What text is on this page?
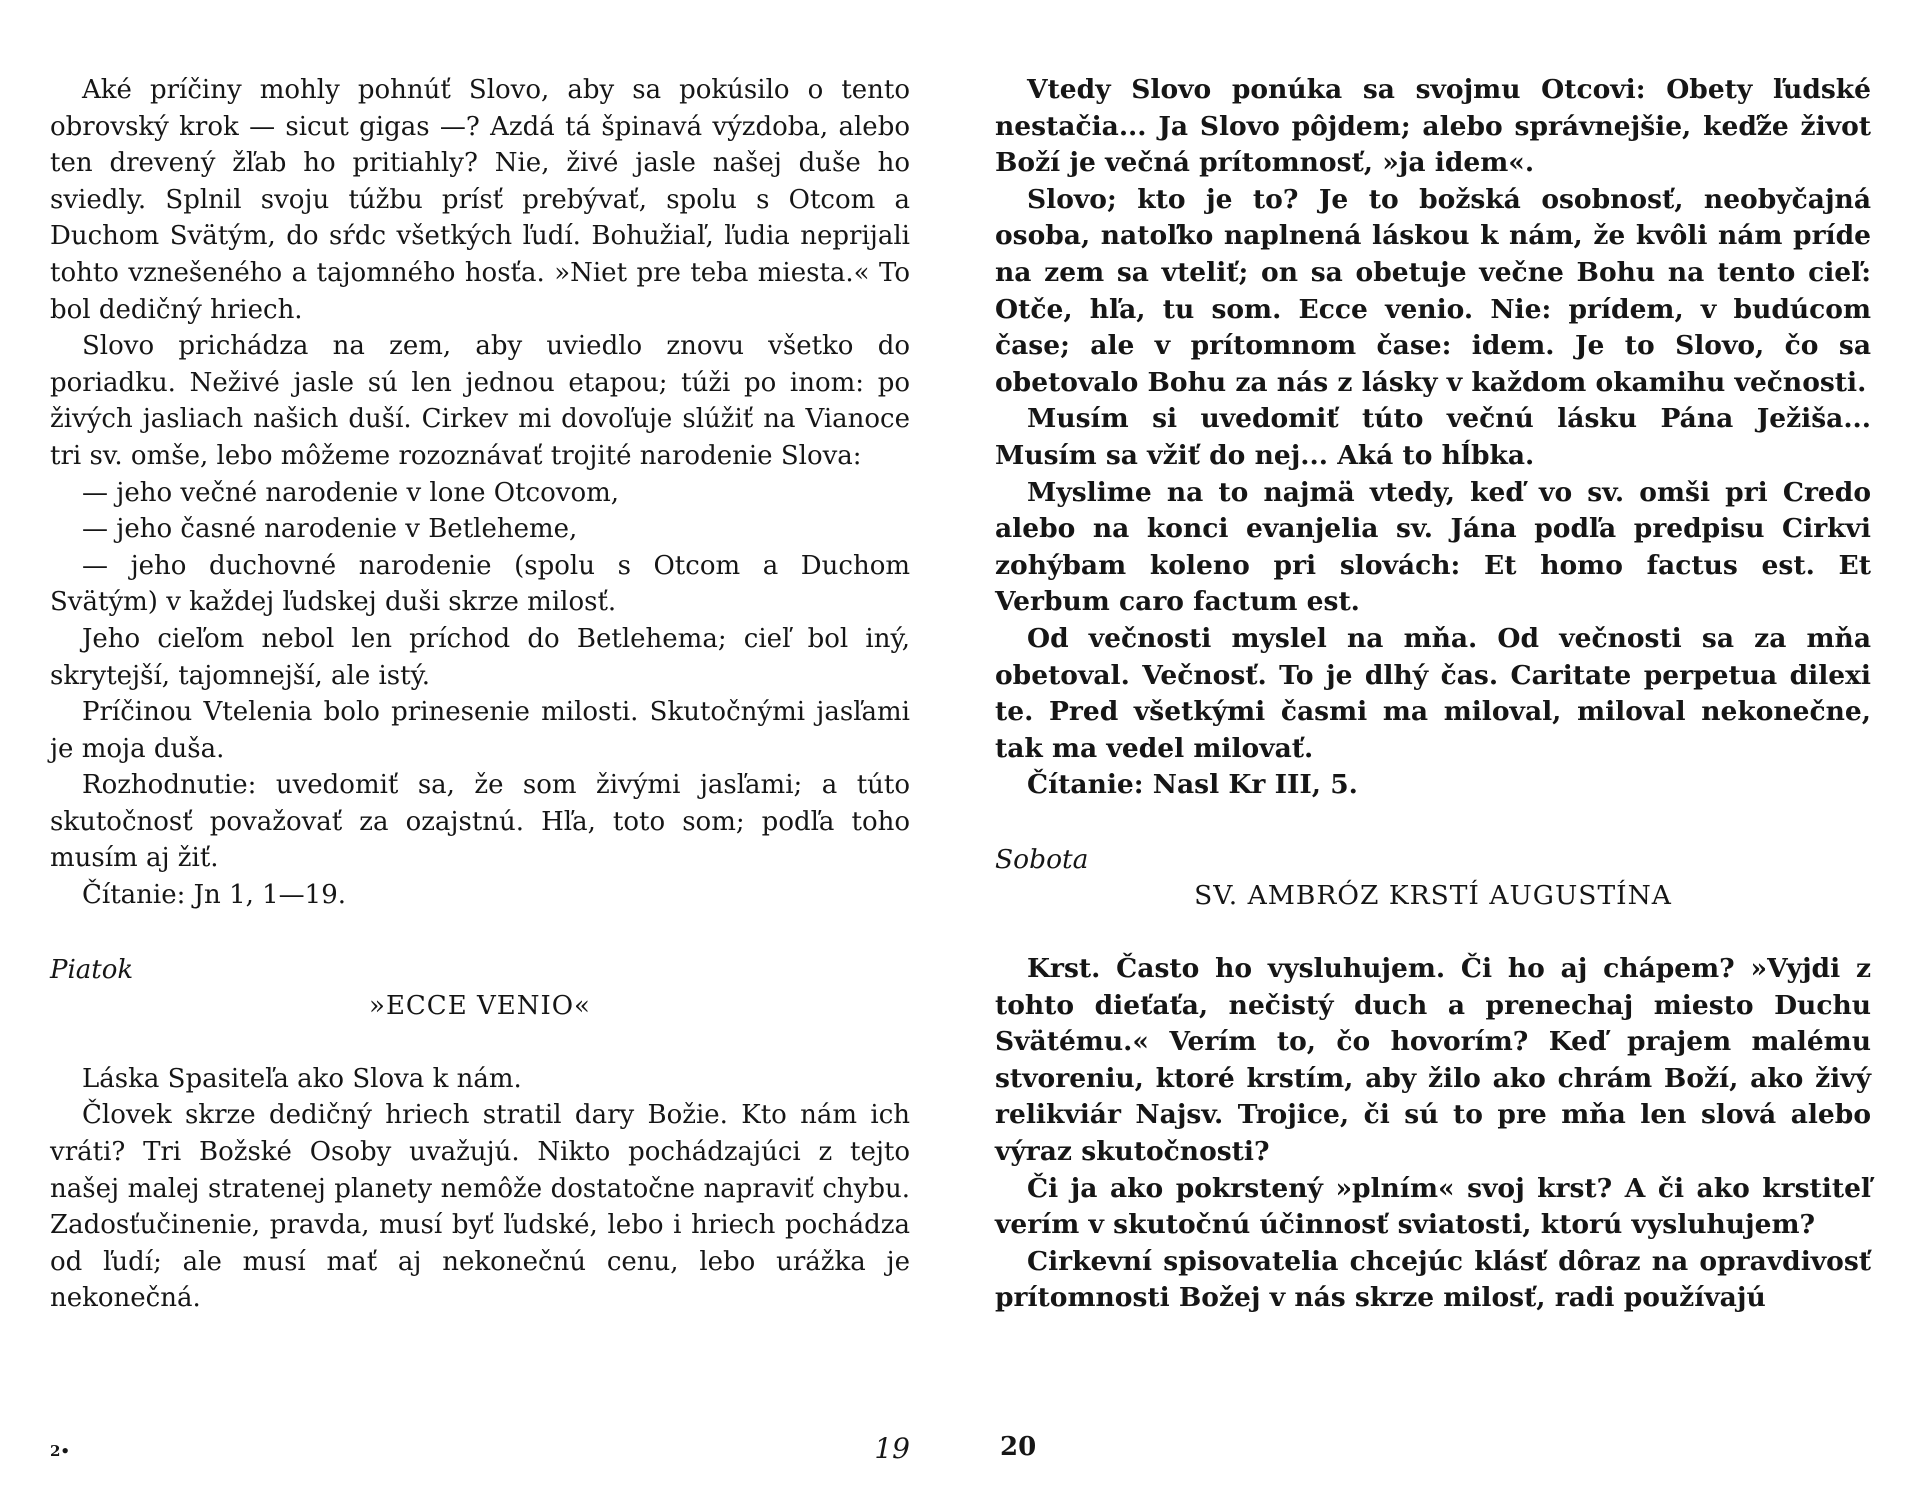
Aké príčiny mohly pohnúť Slovo, aby sa pokúsilo o tento obrovský krok — sicut gigas —? Azdá tá špinavá výzdoba, alebo ten drevený žľab ho pritiahly? Nie, živé jasle našej duše ho sviedly. Splnil svoju túžbu prísť prebývať, spolu s Otcom a Duchom Svätým, do sŕdc všetkých ľudí. Bohužiaľ, ľudia neprijali tohto vznešeného a tajomného hosťa. »Niet pre teba miesta.« To bol dedičný hriech.

Slovo prichádza na zem, aby uviedlo znovu všetko do poriadku. Neživé jasle sú len jednou etapou; túži po inom: po živých jasliach našich duší. Cirkev mi dovoľuje slúžiť na Vianoce tri sv. omše, lebo môžeme rozoznávať trojité narodenie Slova:

— jeho večné narodenie v lone Otcovom,

— jeho časné narodenie v Betleheme,

— jeho duchovné narodenie (spolu s Otcom a Duchom Svätým) v každej ľudskej duši skrze milosť.

Jeho cieľom nebol len príchod do Betlehema; cieľ bol iný, skrytejší, tajomnejší, ale istý.

Príčinou Vtelenia bolo prinesenie milosti. Skutočnými jasľami je moja duša.

Rozhodnutie: uvedomiť sa, že som živými jasľami; a túto skutočnosť považovať za ozajstnú. Hľa, toto som; podľa toho musím aj žiť.

Čítanie: Jn 1, 1—19.

Piatok

»ECCE VENIO«

Láska Spasiteľa ako Slova k nám.

Človek skrze dedičný hriech stratil dary Božie. Kto nám ich vráti? Tri Božské Osoby uvažujú. Nikto pochádzajúci z tejto našej malej stratenej planety nemôže dostatočne napraviť chybu. Zadosťučinenie, pravda, musí byť ľudské, lebo i hriech pochádza od ľudí; ale musí mať aj nekonečnú cenu, lebo urážka je nekonečná.

2•	19

Vtedy Slovo ponúka sa svojmu Otcovi: Obety ľudské nestačia... Ja Slovo pôjdem; alebo správnejšie, keďže život Boží je večná prítomnosť, »ja idem«.

Slovo; kto je to? Je to božská osobnosť, neobyčajná osoba, natoľko naplnená láskou k nám, že kvôli nám príde na zem sa vteliť; on sa obetuje večne Bohu na tento cieľ: Otče, hľa, tu som. Ecce venio. Nie: prídem, v budúcom čase; ale v prítomnom čase: idem. Je to Slovo, čo sa obetovalo Bohu za nás z lásky v každom okamihu večnosti.

Musím si uvedomiť túto večnú lásku Pána Ježiša... Musím sa vžiť do nej... Aká to hĺbka.

Myslime na to najmä vtedy, keď vo sv. omši pri Credo alebo na konci evanjelia sv. Jána podľa predpisu Cirkvi zohýbam koleno pri slovách: Et homo factus est. Et Verbum caro factum est.

Od večnosti myslel na mňa. Od večnosti sa za mňa obetoval. Večnosť. To je dlhý čas. Caritate perpetua dilexi te. Pred všetkými časmi ma miloval, miloval nekonečne, tak ma vedel milovať.

Čítanie: Nasl Kr III, 5.

Sobota

SV. AMBRÓZ KRSTÍ AUGUSTÍNA

Krst. Často ho vysluhujem. Či ho aj chápem? »Vyjdi z tohto dieťaťa, nečistý duch a prenechaj miesto Duchu Svätému.« Verím to, čo hovorím? Keď prajem malému stvoreniu, ktoré krstím, aby žilo ako chrám Boží, ako živý relikviár Najsv. Trojice, či sú to pre mňa len slová alebo výraz skutočnosti?

Či ja ako pokrstený »plním« svoj krst? A či ako krstiteľ verím v skutočnú účinnosť sviatosti, ktorú vysluhujem?

Cirkevní spisovatelia chcejúc klásť dôraz na opravdivosť prítomnosti Božej v nás skrze milosť, radi používajú

20
